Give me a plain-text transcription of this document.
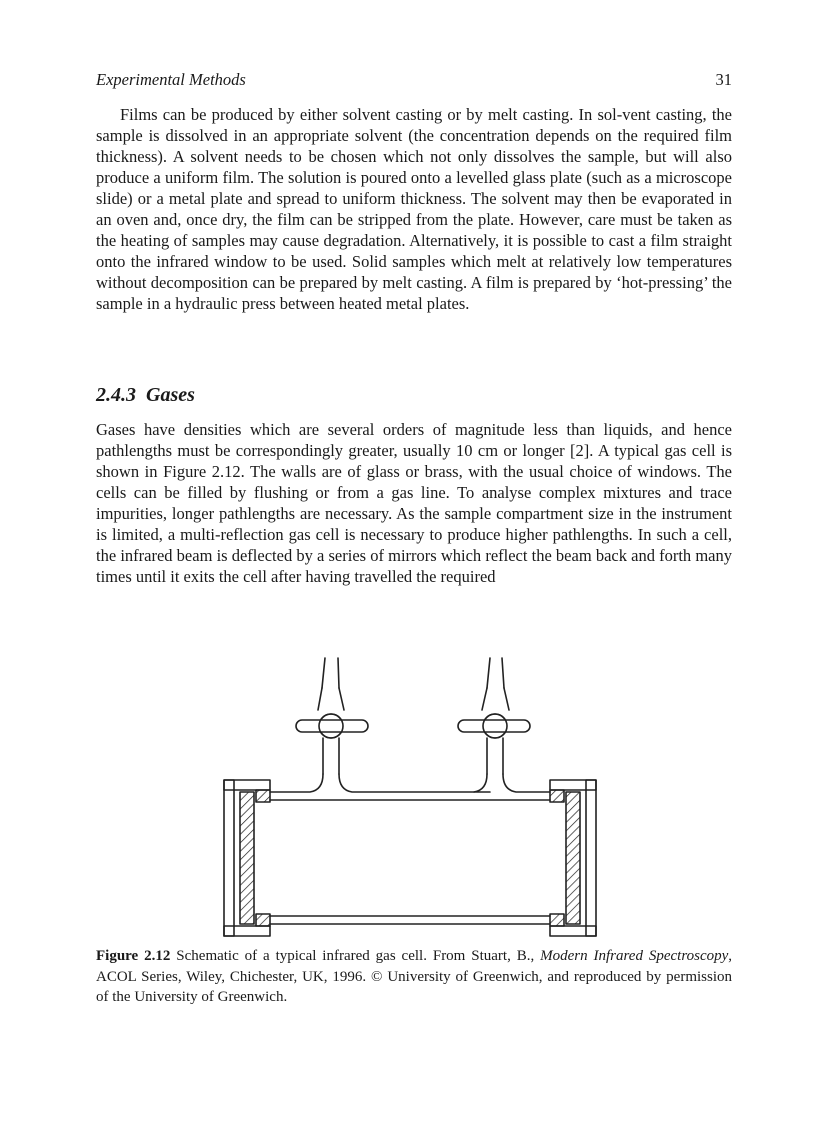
Experimental Methods	31

Films can be produced by either solvent casting or by melt casting. In sol-vent casting, the sample is dissolved in an appropriate solvent (the concentration depends on the required film thickness). A solvent needs to be chosen which not only dissolves the sample, but will also produce a uniform film. The solution is poured onto a levelled glass plate (such as a microscope slide) or a metal plate and spread to uniform thickness. The solvent may then be evaporated in an oven and, once dry, the film can be stripped from the plate. However, care must be taken as the heating of samples may cause degradation. Alternatively, it is possible to cast a film straight onto the infrared window to be used. Solid samples which melt at relatively low temperatures without decomposition can be prepared by melt casting. A film is prepared by ‘hot-pressing’ the sample in a hydraulic press between heated metal plates.

2.4.3 Gases

Gases have densities which are several orders of magnitude less than liquids, and hence pathlengths must be correspondingly greater, usually 10 cm or longer [2]. A typical gas cell is shown in Figure 2.12. The walls are of glass or brass, with the usual choice of windows. The cells can be filled by flushing or from a gas line. To analyse complex mixtures and trace impurities, longer pathlengths are necessary. As the sample compartment size in the instrument is limited, a multi-reflection gas cell is necessary to produce higher pathlengths. In such a cell, the infrared beam is deflected by a series of mirrors which reflect the beam back and forth many times until it exits the cell after having travelled the required

Figure 2.12 Schematic of a typical infrared gas cell. From Stuart, B., Modern Infrared Spectroscopy, ACOL Series, Wiley, Chichester, UK, 1996. © University of Greenwich, and reproduced by permission of the University of Greenwich.
